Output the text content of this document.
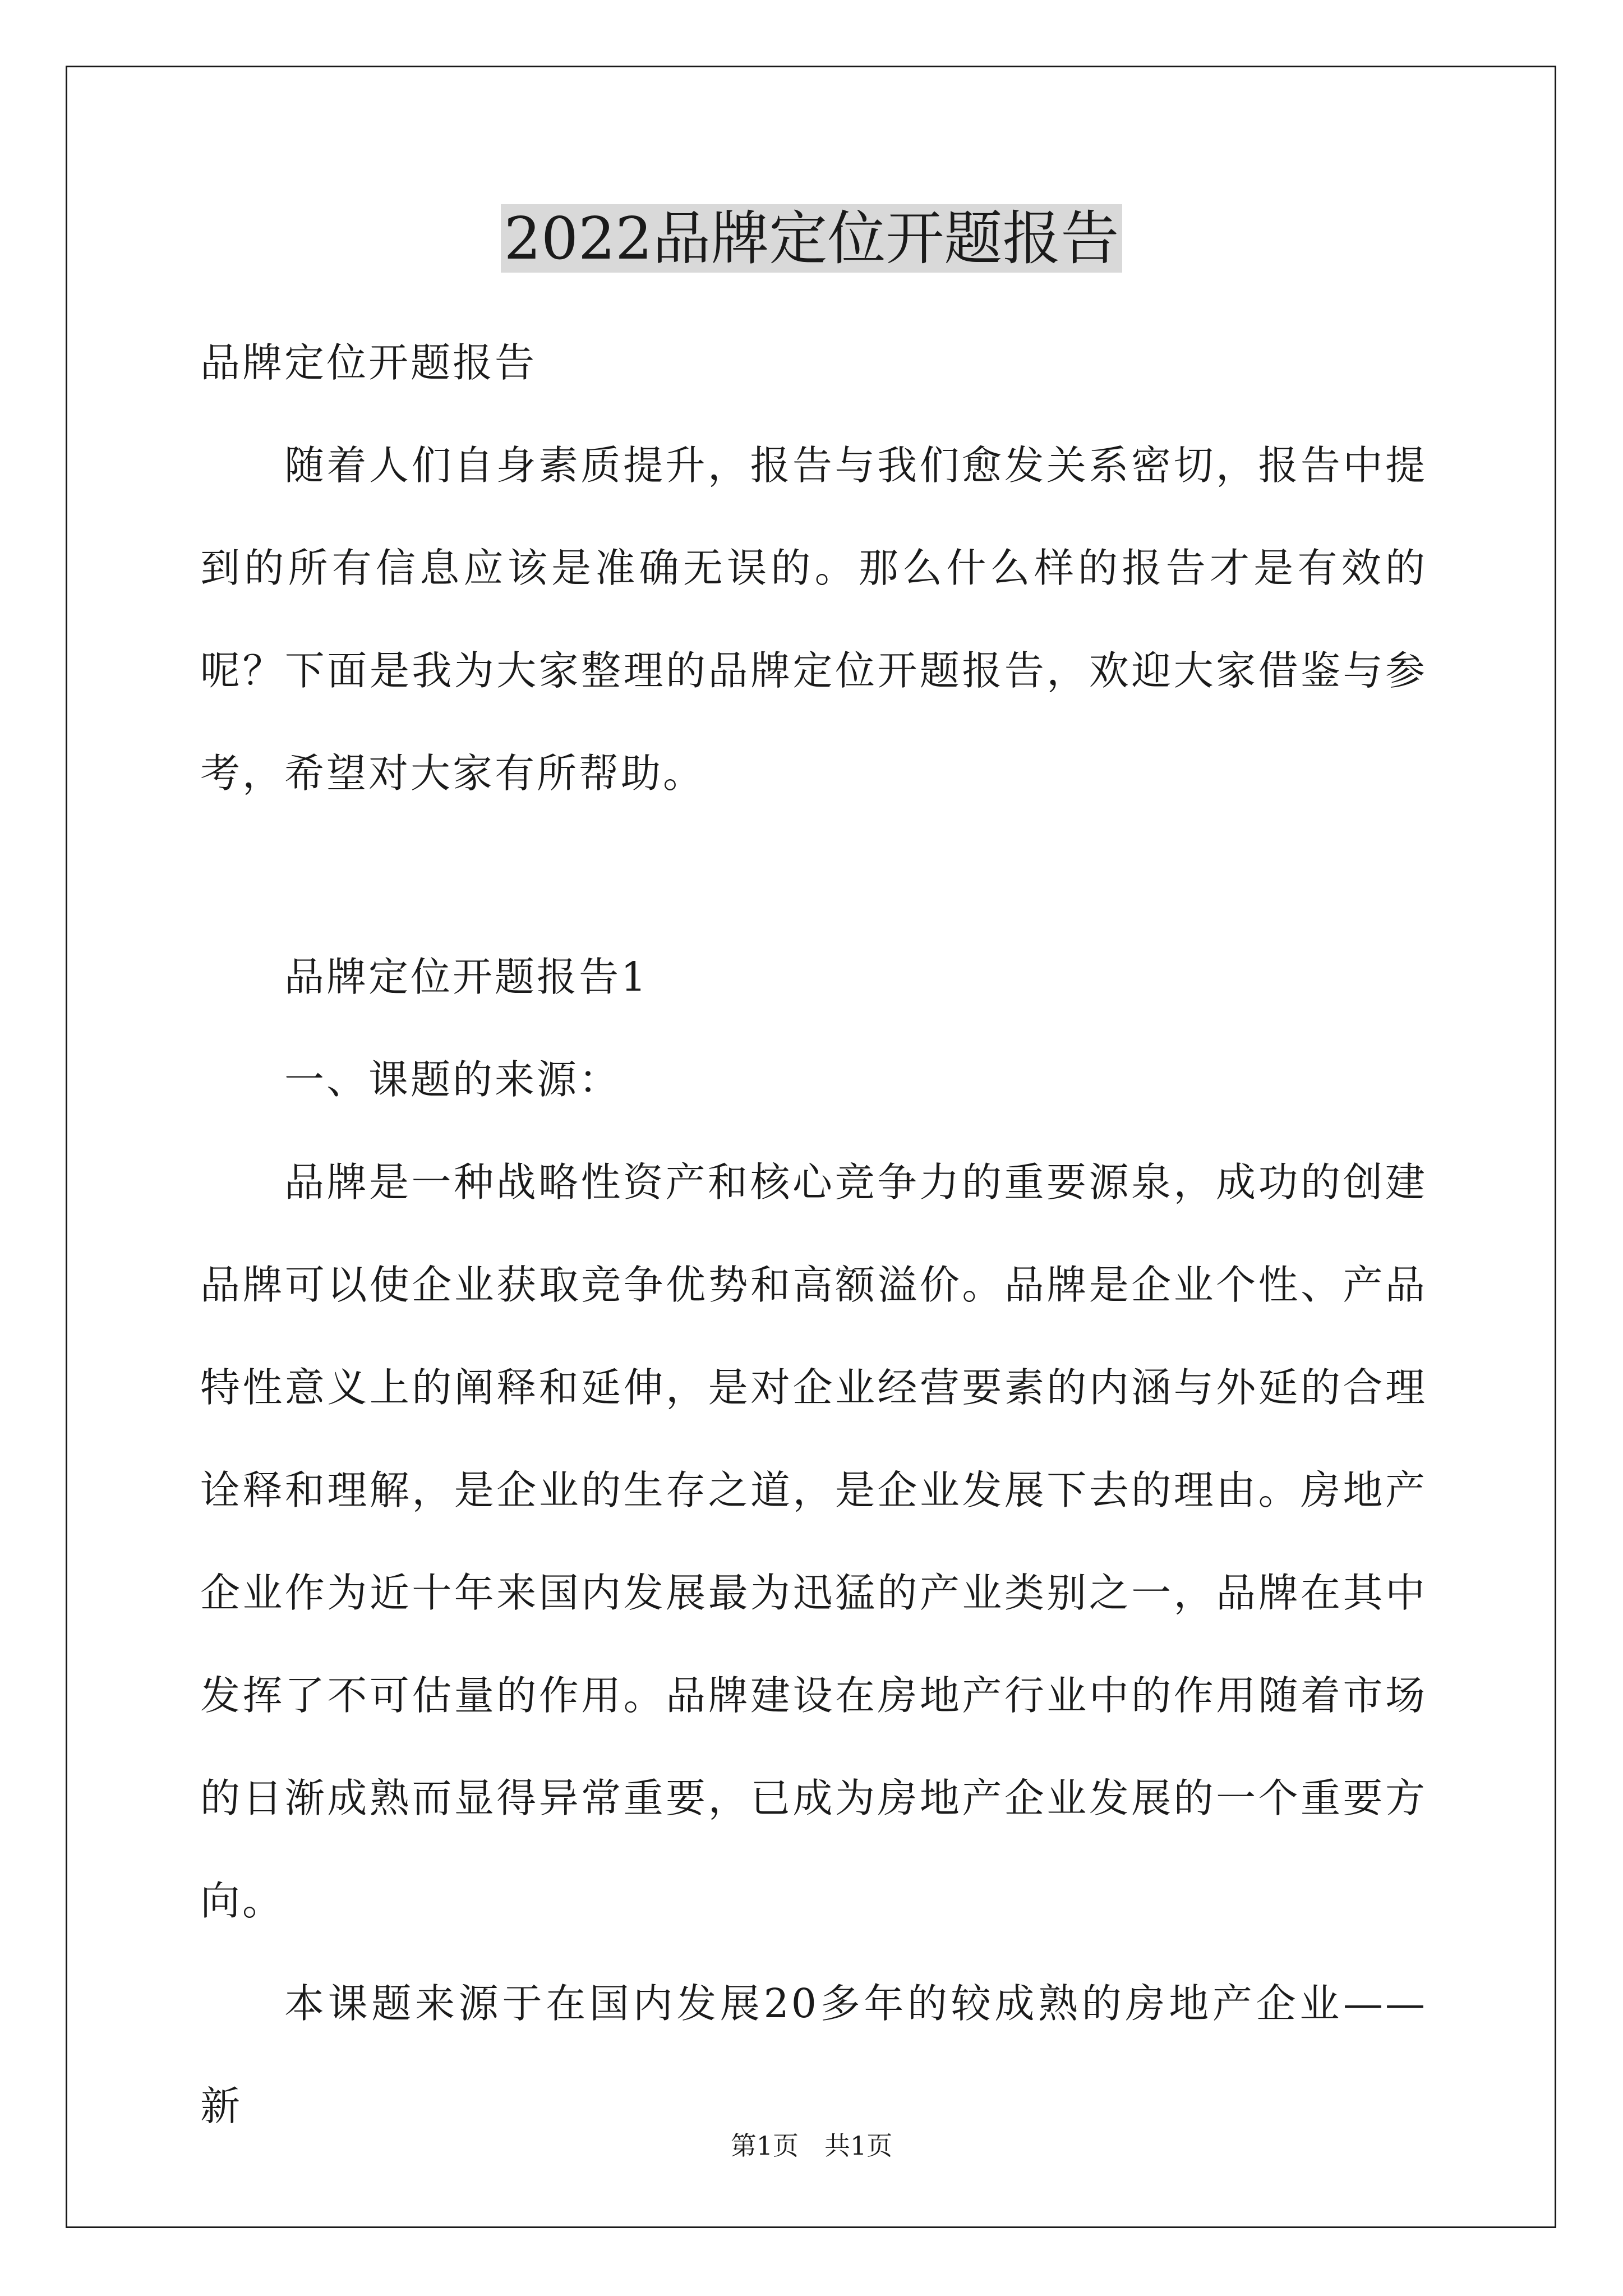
2022品牌定位开题报告

品牌定位开题报告

随着人们自身素质提升，报告与我们愈发关系密切，报告中提到的所有信息应该是准确无误的。那么什么样的报告才是有效的呢？下面是我为大家整理的品牌定位开题报告，欢迎大家借鉴与参考，希望对大家有所帮助。

品牌定位开题报告1

一、课题的来源：

品牌是一种战略性资产和核心竞争力的重要源泉，成功的创建品牌可以使企业获取竞争优势和高额溢价。品牌是企业个性、产品特性意义上的阐释和延伸，是对企业经营要素的内涵与外延的合理诠释和理解，是企业的生存之道，是企业发展下去的理由。房地产企业作为近十年来国内发展最为迅猛的产业类别之一，品牌在其中发挥了不可估量的作用。品牌建设在房地产行业中的作用随着市场的日渐成熟而显得异常重要，已成为房地产企业发展的一个重要方向。

本课题来源于在国内发展20多年的较成熟的房地产企业——新

第1页　共1页
